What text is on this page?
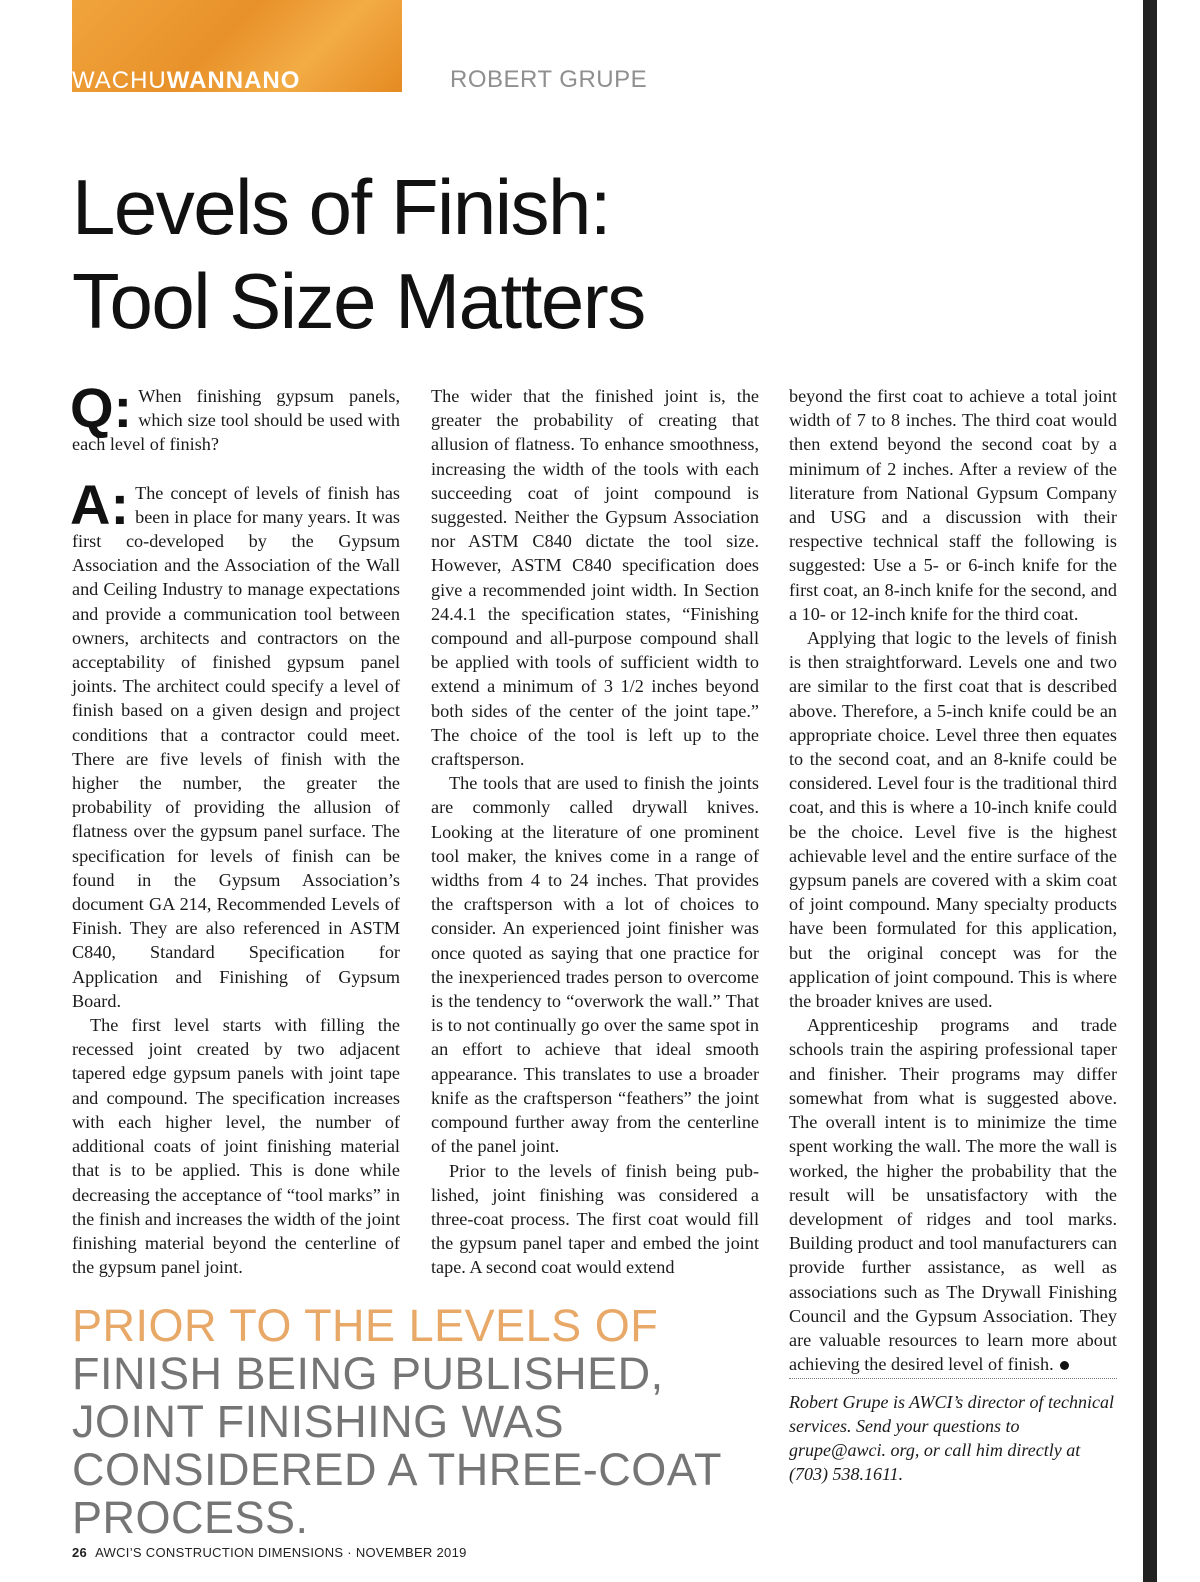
WACHUWANNANO	ROBERT GRUPE
Levels of Finish:
Tool Size Matters

Q: When finishing gypsum panels, which size tool should be used with each level of finish?

A: The concept of levels of finish has been in place for many years. It was first co-developed by the Gypsum Association and the Association of the Wall and Ceiling Industry to manage expectations and provide a communication tool between owners, architects and contractors on the acceptability of finished gypsum panel joints. The architect could specify a level of finish based on a given design and project conditions that a contractor could meet. There are five levels of finish with the higher the number, the greater the probability of providing the allusion of flatness over the gypsum panel surface. The specification for levels of finish can be found in the Gypsum Association’s document GA 214, Recommended Levels of Finish. They are also referenced in ASTM C840, Standard Specification for Application and Finishing of Gypsum Board.

The first level starts with filling the recessed joint created by two adjacent tapered edge gypsum panels with joint tape and compound. The specification increases with each higher level, the number of additional coats of joint finishing material that is to be applied. This is done while decreasing the acceptance of “tool marks” in the finish and increases the width of the joint finishing material beyond the centerline of the gypsum panel joint.

The wider that the finished joint is, the greater the probability of creating that allusion of flatness. To enhance smoothness, increasing the width of the tools with each succeeding coat of joint compound is suggested. Neither the Gypsum Association nor ASTM C840 dictate the tool size. However, ASTM C840 specification does give a recommended joint width. In Section 24.4.1 the specification states, “Finishing compound and all-purpose compound shall be applied with tools of sufficient width to extend a minimum of 3 1/2 inches beyond both sides of the center of the joint tape.” The choice of the tool is left up to the craftsperson.

The tools that are used to finish the joints are commonly called drywall knives. Looking at the literature of one prominent tool maker, the knives come in a range of widths from 4 to 24 inches. That provides the craftsperson with a lot of choices to consider. An experienced joint finisher was once quoted as saying that one practice for the inexperienced trades person to overcome is the tendency to “overwork the wall.” That is to not continually go over the same spot in an effort to achieve that ideal smooth appearance. This translates to use a broader knife as the craftsperson “feathers” the joint compound further away from the centerline of the panel joint.

Prior to the levels of finish being published, joint finishing was considered a three-coat process. The first coat would fill the gypsum panel taper and embed the joint tape. A second coat would extend

beyond the first coat to achieve a total joint width of 7 to 8 inches. The third coat would then extend beyond the second coat by a minimum of 2 inches. After a review of the literature from National Gypsum Company and USG and a discussion with their respective technical staff the following is suggested: Use a 5- or 6-inch knife for the first coat, an 8-inch knife for the second, and a 10- or 12-inch knife for the third coat.

Applying that logic to the levels of finish is then straightforward. Levels one and two are similar to the first coat that is described above. Therefore, a 5-inch knife could be an appropriate choice. Level three then equates to the second coat, and an 8-knife could be considered. Level four is the traditional third coat, and this is where a 10-inch knife could be the choice. Level five is the highest achievable level and the entire surface of the gypsum panels are covered with a skim coat of joint compound. Many specialty products have been formulated for this application, but the original concept was for the application of joint compound. This is where the broader knives are used.

Apprenticeship programs and trade schools train the aspiring professional taper and finisher. Their programs may differ somewhat from what is suggested above. The overall intent is to minimize the time spent working the wall. The more the wall is worked, the higher the probability that the result will be unsatisfactory with the development of ridges and tool marks. Building product and tool manufacturers can provide further assistance, as well as associations such as The Drywall Finishing Council and the Gypsum Association. They are valuable resources to learn more about achieving the desired level of finish.

Robert Grupe is AWCI’s director of technical services. Send your questions to grupe@awci. org, or call him directly at (703) 538.1611.

PRIOR TO THE LEVELS OF
FINISH BEING PUBLISHED, JOINT FINISHING WAS CONSIDERED A THREE-COAT PROCESS.

26 AWCI’S CONSTRUCTION DIMENSIONS · NOVEMBER 2019
